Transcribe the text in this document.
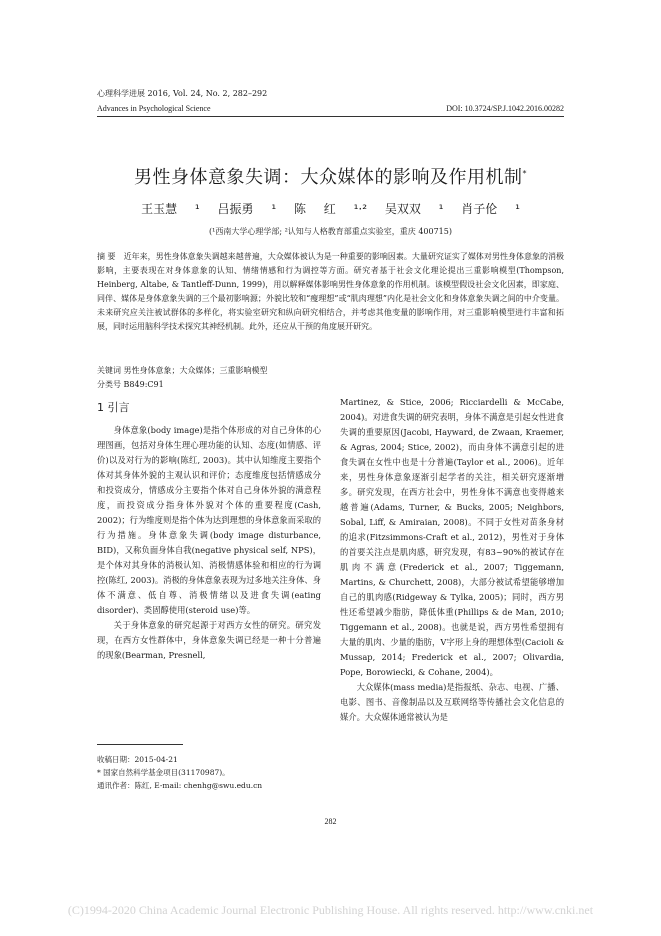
心理科学进展 2016, Vol. 24, No. 2, 282–292
Advances in Psychological Science	DOI: 10.3724/SP.J.1042.2016.00282
男性身体意象失调：大众媒体的影响及作用机制*
王玉慧 ¹ 吕振勇 ¹ 陈 红 ¹·² 吴双双 ¹ 肖子伦 ¹
(¹西南大学心理学部; ²认知与人格教育部重点实验室，重庆 400715)
摘 要 近年来，男性身体意象失调越来越普遍，大众媒体被认为是一种重要的影响因素。大量研究证实了媒体对男性身体意象的消极影响，主要表现在对身体意象的认知、情绪情感和行为调控等方面。研究者基于社会文化理论提出三重影响模型(Thompson, Heinberg, Altabe, & Tantleff-Dunn, 1999)，用以解释媒体影响男性身体意象的作用机制。该模型假设社会文化因素，即家庭、同伴、媒体是身体意象失调的三个最初影响源；外貌比较和“瘦理想”或“肌肉理想”内化是社会文化和身体意象失调之间的中介变量。未来研究应关注被试群体的多样化，将实验室研究和纵向研究相结合，并考虑其他变量的影响作用，对三重影响模型进行丰富和拓展，同时运用脑科学技术探究其神经机制。此外，还应从干预的角度展开研究。
关键词 男性身体意象；大众媒体；三重影响模型
分类号 B849:C91
1 引言

身体意象(body image)是指个体形成的对自己身体的心理图画，包括对身体生理心理功能的认知、态度(如情感、评价)以及对行为的影响(陈红, 2003)。其中认知维度主要指个体对其身体外貌的主观认识和评价；态度维度包括情感成分和投资成分，情感成分主要指个体对自己身体外貌的满意程度，而投资成分指身体外貌对个体的重要程度(Cash, 2002)；行为维度则是指个体为达到理想的身体意象而采取的行为措施。身体意象失调(body image disturbance, BID)，又称负面身体自我(negative physical self, NPS)，是个体对其身体的消极认知、消极情感体验和相应的行为调控(陈红, 2003)。消极的身体意象表现为过多地关注身体、身体不满意、低自尊、消极情绪以及进食失调(eating disorder)、类固醇使用(steroid use)等。

关于身体意象的研究起源于对西方女性的研究。研究发现，在西方女性群体中，身体意象失调已经是一种十分普遍的现象(Bearman, Presnell,

Martinez, & Stice, 2006; Ricciardelli & McCabe, 2004)。对进食失调的研究表明，身体不满意是引起女性进食失调的重要原因(Jacobi, Hayward, de Zwaan, Kraemer, & Agras, 2004; Stice, 2002)，而由身体不满意引起的进食失调在女性中也是十分普遍(Taylor et al., 2006)。近年来，男性身体意象逐渐引起学者的关注，相关研究逐渐增多。研究发现，在西方社会中，男性身体不满意也变得越来越普遍(Adams, Turner, & Bucks, 2005; Neighbors, Sobal, Liff, & Amiraian, 2008)。不同于女性对苗条身材的追求(Fitzsimmons-Craft et al., 2012)，男性对于身体的首要关注点是肌肉感，研究发现，有83~90%的被试存在肌肉不满意(Frederick et al., 2007; Tiggemann, Martins, & Churchett, 2008)，大部分被试希望能够增加自己的肌肉感(Ridgeway & Tylka, 2005)；同时，西方男性还希望减少脂肪，降低体重(Phillips & de Man, 2010; Tiggemann et al., 2008)。也就是说，西方男性希望拥有大量的肌肉、少量的脂肪，V字形上身的理想体型(Cacioli & Mussap, 2014; Frederick et al., 2007; Olivardia, Pope, Borowiecki, & Cohane, 2004)。

大众媒体(mass media)是指报纸、杂志、电视、广播、电影、图书、音像制品以及互联网络等传播社会文化信息的媒介。大众媒体通常被认为是

收稿日期：2015-04-21
* 国家自然科学基金项目(31170987)。
通讯作者：陈红, E-mail: chenhg@swu.edu.cn
282
(C)1994-2020 China Academic Journal Electronic Publishing House. All rights reserved. http://www.cnki.net
